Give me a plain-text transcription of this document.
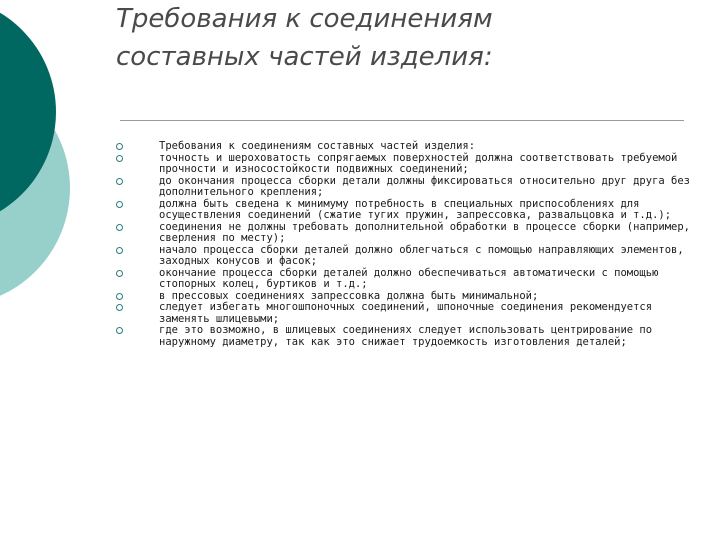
Требования к соединениям
составных частей изделия:
Требования к соединениям составных частей изделия:
точность и шероховатость сопрягаемых поверхностей должна соответствовать требуемой прочности и износостойкости подвижных соединений;
до окончания процесса сборки детали должны фиксироваться относительно друг друга без дополнительного крепления;
должна быть сведена к минимуму потребность в специальных приспособлениях для осуществления соединений (сжатие тугих пружин, запрессовка, развальцовка и т.д.);
соединения не должны требовать дополнительной обработки в процессе сборки (например, сверления по месту);
начало процесса сборки деталей должно облегчаться с помощью направляющих элементов, заходных конусов и фасок;
окончание процесса сборки деталей должно обеспечиваться автоматически с помощью стопорных колец, буртиков и т.д.;
в прессовых соединениях запрессовка должна быть минимальной;
следует избегать многошпоночных соединений, шпоночные соединения рекомендуется заменять шлицевыми;
где это возможно, в шлицевых соединениях следует использовать центрирование по наружному диаметру, так как это снижает трудоемкость изготовления деталей;
